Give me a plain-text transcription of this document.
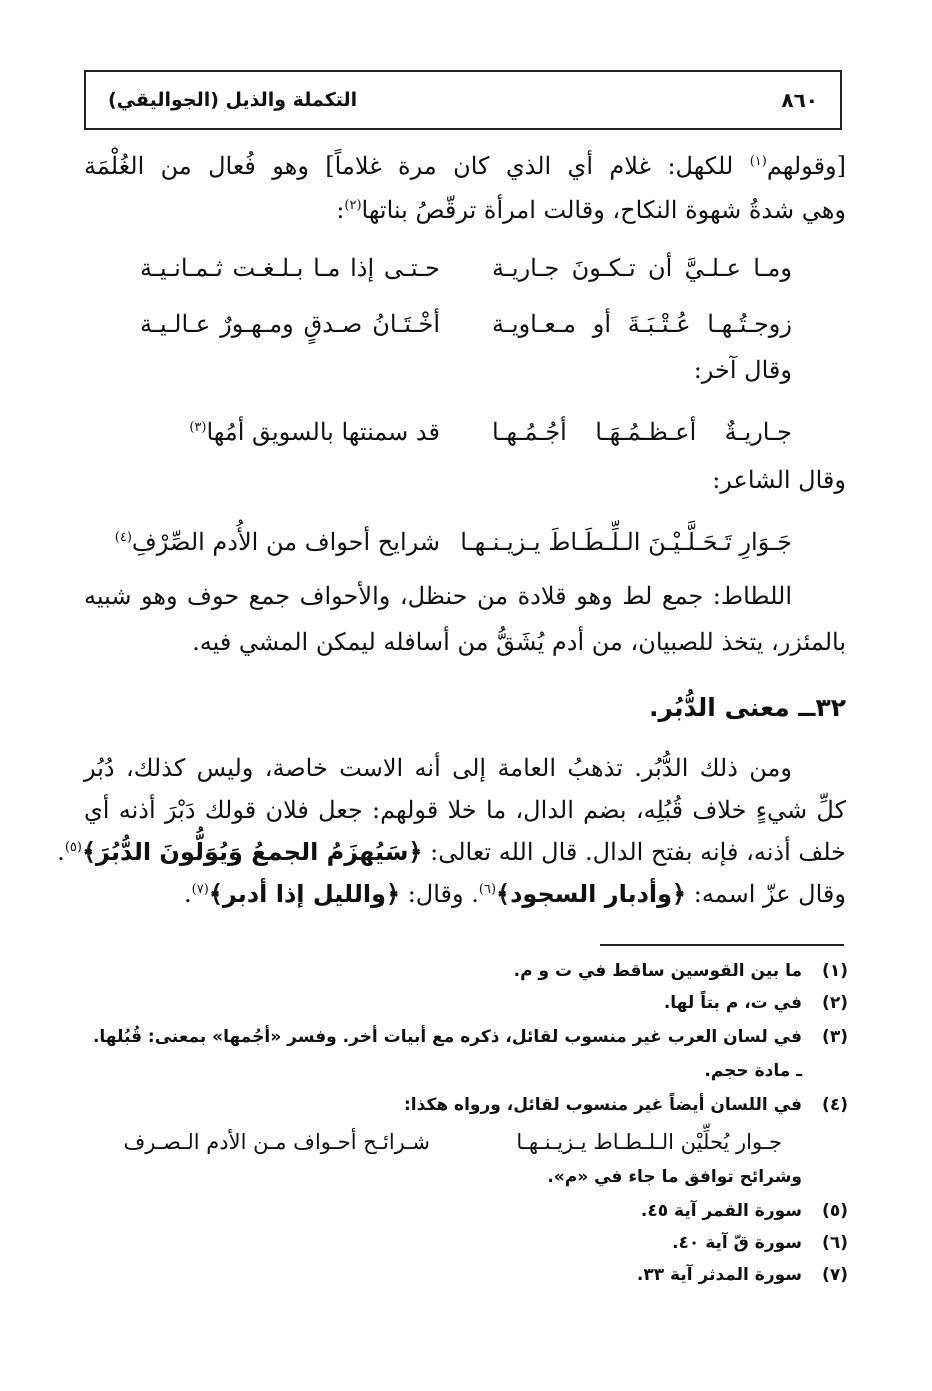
٨٦٠
التكملة والذيل (الجواليقي)
[وقولهم$^{(١)}$ للكهل: غلام أي الذي كان مرة غلاماً] وهو فُعال من الغُلْمَة
وهي شدةُ شهوة النكاح، وقالت امرأة ترقّصُ بناتها$^{(٢)}$:
ومـا عـلـيَّ أن تـكـونَ جـاريـة
حـتـى إذا مـا بـلـغـت ثـمـانـيـة
زوجـتُـهـا عُـتْـبَـةَ أو مـعـاويـة
أخْـتَـانُ صـدقٍ ومـهـورٌ عـالـيـة
وقال آخر:
جـاريـةٌ أعـظـمُـهَـا أجُـمُـهـا
قد سمنتها بالسويق أمُها$^{(٣)}$
وقال الشاعر:
جَـوَارِ تَـحَـلَّـيْـنَ الـلِّـطَـاطَ يـزيـنـهـا
شرايح أحواف من الأُدم الصِّرْفِ$^{(٤)}$
اللطاط: جمع لط وهو قلادة من حنظل، والأحواف جمع حوف وهو شبيه
بالمئزر، يتخذ للصبيان، من أدم يُشَقُّ من أسافله ليمكن المشي فيه.
٣٢ــ معنى الدُّبُر.
ومن ذلك الدُّبُر. تذهبُ العامة إلى أنه الاست خاصة، وليس كذلك، دُبُر
كلِّ شيءٍ خلاف قُبُلِه، بضم الدال، ما خلا قولهم: جعل فلان قولك دَبْرَ أذنه أي
خلف أذنه، فإنه بفتح الدال. قال الله تعالى: ﴿سَيُهزَمُ الجمعُ وَيُوَلُّونَ الدُّبُرَ﴾$^{(٥)}$.
وقال عزّ اسمه: ﴿وأدبار السجود﴾$^{(٦)}$. وقال: ﴿والليل إذا أدبر﴾$^{(٧)}$.
(١)ما بين القوسين ساقط في ت و م.
(٢)في ت، م بتاً لها.
(٣)في لسان العرب غير منسوب لقائل، ذكره مع أبيات أخر. وفسر «أجُمها» بمعنى: قُبُلها.
ـ مادة حجم.
(٤)في اللسان أيضاً غير منسوب لقائل، ورواه هكذا:
جـوار يُحلِّيْن الـلـطـاط يـزيـنـهـا
شـرائـح أحـواف مـن الأدم الـصـرف
وشرائح توافق ما جاء في «م».
(٥)سورة القمر آية ٤٥.
(٦)سورة قّ آية ٤٠.
(٧)سورة المدثر آية ٣٣.
